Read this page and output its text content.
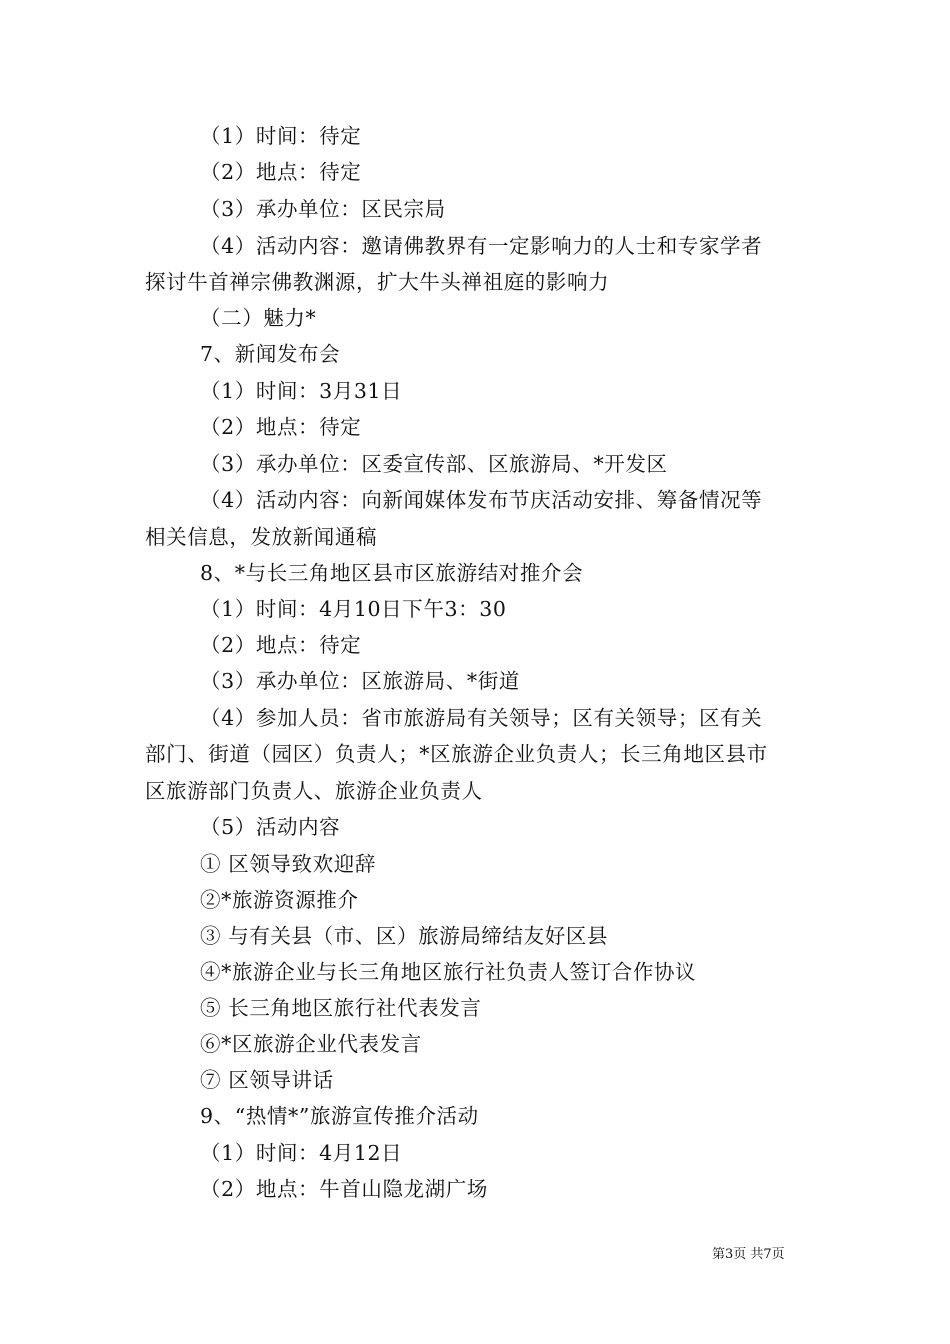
（1）时间：待定
（2）地点：待定
（3）承办单位：区民宗局
（4）活动内容：邀请佛教界有一定影响力的人士和专家学者
探讨牛首禅宗佛教渊源，扩大牛头禅祖庭的影响力
（二）魅力*
7、新闻发布会
（1）时间：3月31日
（2）地点：待定
（3）承办单位：区委宣传部、区旅游局、*开发区
（4）活动内容：向新闻媒体发布节庆活动安排、筹备情况等
相关信息，发放新闻通稿
8、*与长三角地区县市区旅游结对推介会
（1）时间：4月10日下午3：30
（2）地点：待定
（3）承办单位：区旅游局、*街道
（4）参加人员：省市旅游局有关领导；区有关领导；区有关
部门、街道（园区）负责人；*区旅游企业负责人；长三角地区县市
区旅游部门负责人、旅游企业负责人
（5）活动内容
① 区领导致欢迎辞
②*旅游资源推介
③ 与有关县（市、区）旅游局缔结友好区县
④*旅游企业与长三角地区旅行社负责人签订合作协议
⑤ 长三角地区旅行社代表发言
⑥*区旅游企业代表发言
⑦ 区领导讲话
9、“热情*”旅游宣传推介活动
（1）时间：4月12日
（2）地点：牛首山隐龙湖广场
第3页 共7页
